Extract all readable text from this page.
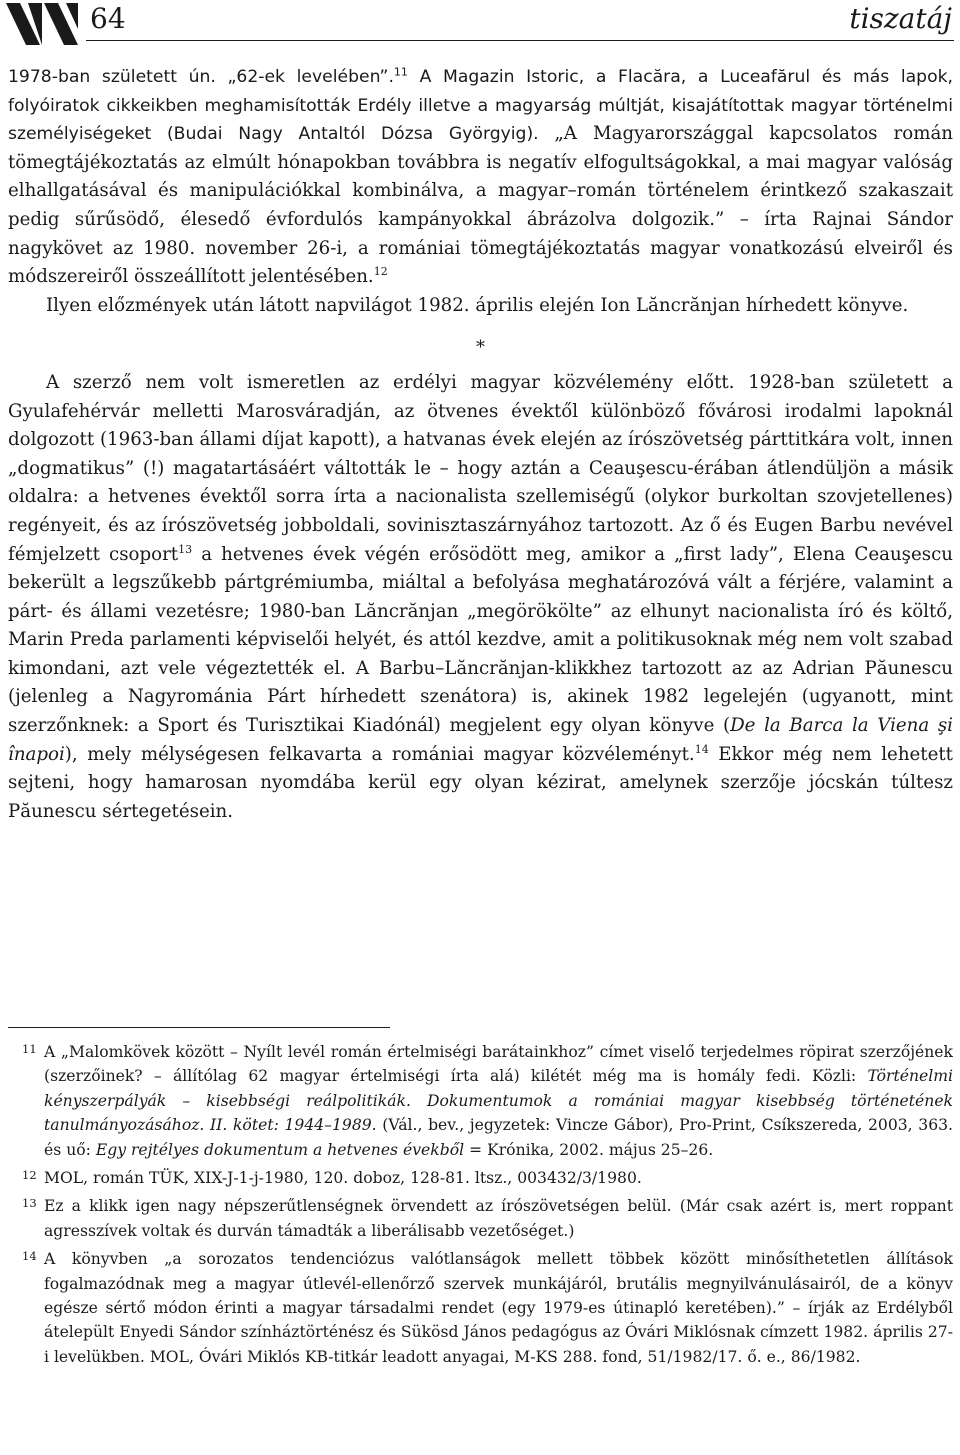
64	tiszatáj

1978-ban született ún. „62-ek levelében”.$^{11}$ A Magazin Istoric, a Flacăra, a Luceafărul és más lapok, folyóiratok cikkeikben meghamisították Erdély illetve a magyarság múltját, kisajátítottak magyar történelmi személyiségeket (Budai Nagy Antaltól Dózsa Györgyig). „A Magyarországgal kapcsolatos román tömegtájékoztatás az elmúlt hónapokban továbbra is negatív elfogultságokkal, a mai magyar valóság elhallgatásával és manipulációkkal kombinálva, a magyar–román történelem érintkező szakaszait pedig sűrűsödő, élesedő évfordulós kampányokkal ábrázolva dolgozik.” – írta Rajnai Sándor nagykövet az 1980. november 26-i, a romániai tömegtájékoztatás magyar vonatkozású elveiről és módszereiről összeállított jelentésében.$^{12}$

Ilyen előzmények után látott napvilágot 1982. április elején Ion Lăncrănjan hírhedett könyve.

*

A szerző nem volt ismeretlen az erdélyi magyar közvélemény előtt. 1928-ban született a Gyulafehérvár melletti Marosváradján, az ötvenes évektől különböző fővárosi irodalmi lapoknál dolgozott (1963-ban állami díjat kapott), a hatvanas évek elején az írószövetség párttitkára volt, innen „dogmatikus” (!) magatartásáért váltották le – hogy aztán a Ceauşescu-érában átlendüljön a másik oldalra: a hetvenes évektől sorra írta a nacionalista szellemiségű (olykor burkoltan szovjetellenes) regényeit, és az írószövetség jobboldali, sovinisztaszárnyához tartozott. Az ő és Eugen Barbu nevével fémjelzett csoport$^{13}$ a hetvenes évek végén erősödött meg, amikor a „first lady”, Elena Ceauşescu bekerült a legszűkebb pártgrémiumba, miáltal a befolyása meghatározóvá vált a férjére, valamint a párt- és állami vezetésre; 1980-ban Lăncrănjan „megörökölte” az elhunyt nacionalista író és költő, Marin Preda parlamenti képviselői helyét, és attól kezdve, amit a politikusoknak még nem volt szabad kimondani, azt vele végeztették el. A Barbu–Lăncrănjan-klikkhez tartozott az az Adrian Păunescu (jelenleg a Nagyrománia Párt hírhedett szenátora) is, akinek 1982 legelején (ugyanott, mint szerzőnknek: a Sport és Turisztikai Kiadónál) megjelent egy olyan könyve (De la Barca la Viena şi înapoi), mely mélységesen felkavarta a romániai magyar közvéleményt.$^{14}$ Ekkor még nem lehetett sejteni, hogy hamarosan nyomdába kerül egy olyan kézirat, amelynek szerzője jócskán túltesz Păunescu sértegetésein.

11 A „Malomkövek között – Nyílt levél román értelmiségi barátainkhoz” címet viselő terjedelmes röpirat szerzőjének (szerzőinek? – állítólag 62 magyar értelmiségi írta alá) kilétét még ma is homály fedi. Közli: Történelmi kényszerpályák – kisebbségi reálpolitikák. Dokumentumok a romániai magyar kisebbség történetének tanulmányozásához. II. kötet: 1944–1989. (Vál., bev., jegyzetek: Vincze Gábor), Pro-Print, Csíkszereda, 2003, 363. és uő: Egy rejtélyes dokumentum a hetvenes évekből = Krónika, 2002. május 25–26.

12 MOL, román TÜK, XIX-J-1-j-1980, 120. doboz, 128-81. ltsz., 003432/3/1980.

13 Ez a klikk igen nagy népszerűtlenségnek örvendett az írószövetségen belül. (Már csak azért is, mert roppant agresszívek voltak és durván támadták a liberálisabb vezetőséget.)

14 A könyvben „a sorozatos tendenciózus valótlanságok mellett többek között minősíthetetlen állítások fogalmazódnak meg a magyar útlevél-ellenőrző szervek munkájáról, brutális megnyilvánulásairól, de a könyv egésze sértő módon érinti a magyar társadalmi rendet (egy 1979-es útinapló keretében).” – írják az Erdélyből átelepült Enyedi Sándor színháztörténész és Sükösd János pedagógus az Óvári Miklósnak címzett 1982. április 27-i levelükben. MOL, Óvári Miklós KB-titkár leadott anyagai, M-KS 288. fond, 51/1982/17. ő. e., 86/1982.
